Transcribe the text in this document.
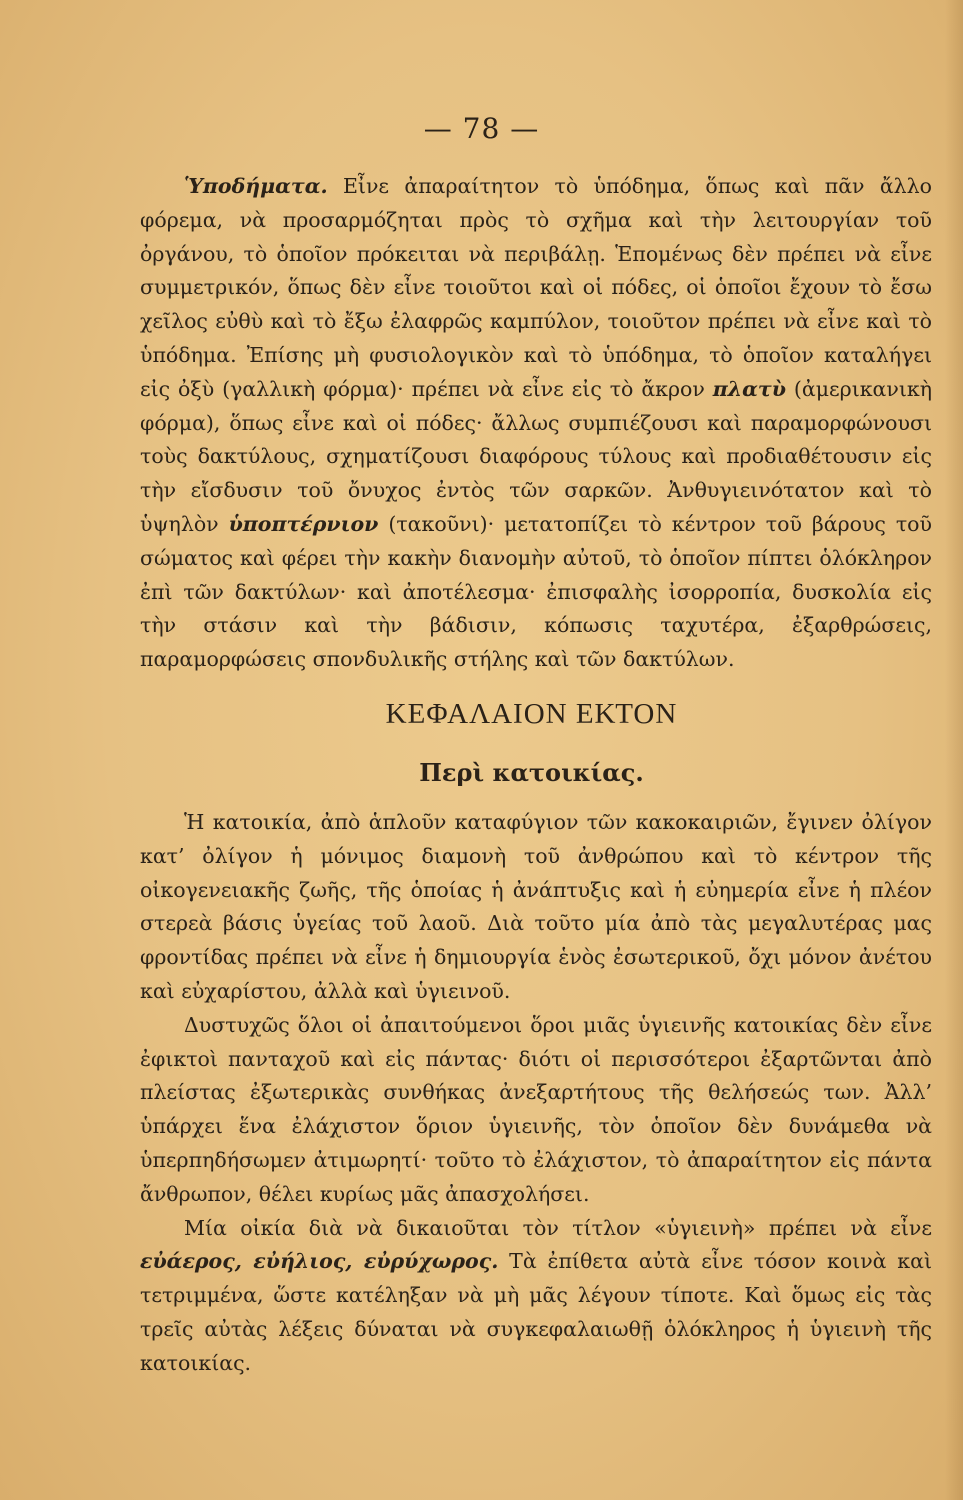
— 78 —

Ὑποδήματα. Εἶνε ἀπαραίτητον τὸ ὑπόδημα, ὅπως καὶ πᾶν ἄλλο φόρεμα, νὰ προσαρμόζηται πρὸς τὸ σχῆμα καὶ τὴν λειτουργίαν τοῦ ὀργάνου, τὸ ὁποῖον πρόκειται νὰ περιβάλῃ. Ἑπομένως δὲν πρέπει νὰ εἶνε συμμετρικόν, ὅπως δὲν εἶνε τοιοῦτοι καὶ οἱ πόδες, οἱ ὁποῖοι ἔχουν τὸ ἔσω χεῖλος εὐθὺ καὶ τὸ ἔξω ἐλαφρῶς καμπύλον, τοιοῦτον πρέπει νὰ εἶνε καὶ τὸ ὑπόδημα. Ἐπίσης μὴ φυσιολογικὸν καὶ τὸ ὑπόδημα, τὸ ὁποῖον καταλήγει εἰς ὀξὺ (γαλλικὴ φόρμα)· πρέπει νὰ εἶνε εἰς τὸ ἄκρον πλατὺ (ἀμερικανικὴ φόρμα), ὅπως εἶνε καὶ οἱ πόδες· ἄλλως συμπιέζουσι καὶ παραμορφώνουσι τοὺς δακτύλους, σχηματίζουσι διαφόρους τύλους καὶ προδιαθέτουσιν εἰς τὴν εἴσδυσιν τοῦ ὄνυχος ἐντὸς τῶν σαρκῶν. Ἀνθυγιεινότατον καὶ τὸ ὑψηλὸν ὑποπτέρνιον (τακοῦνι)· μετατοπίζει τὸ κέντρον τοῦ βάρους τοῦ σώματος καὶ φέρει τὴν κακὴν διανομὴν αὐτοῦ, τὸ ὁποῖον πίπτει ὁλόκληρον ἐπὶ τῶν δακτύλων· καὶ ἀποτέλεσμα· ἐπισφαλὴς ἰσορροπία, δυσκολία εἰς τὴν στάσιν καὶ τὴν βάδισιν, κόπωσις ταχυτέρα, ἐξαρθρώσεις, παραμορφώσεις σπονδυλικῆς στήλης καὶ τῶν δακτύλων.

ΚΕΦΑΛΑΙΟΝ ΕΚΤΟΝ
Περὶ κατοικίας.

Ἡ κατοικία, ἀπὸ ἁπλοῦν καταφύγιον τῶν κακοκαιριῶν, ἔγινεν ὀλίγον κατ’ ὀλίγον ἡ μόνιμος διαμονὴ τοῦ ἀνθρώπου καὶ τὸ κέντρον τῆς οἰκογενειακῆς ζωῆς, τῆς ὁποίας ἡ ἀνάπτυξις καὶ ἡ εὐημερία εἶνε ἡ πλέον στερεὰ βάσις ὑγείας τοῦ λαοῦ. Διὰ τοῦτο μία ἀπὸ τὰς μεγαλυτέρας μας φροντίδας πρέπει νὰ εἶνε ἡ δημιουργία ἑνὸς ἐσωτερικοῦ, ὄχι μόνον ἀνέτου καὶ εὐχαρίστου, ἀλλὰ καὶ ὑγιεινοῦ.

Δυστυχῶς ὅλοι οἱ ἀπαιτούμενοι ὅροι μιᾶς ὑγιεινῆς κατοικίας δὲν εἶνε ἐφικτοὶ πανταχοῦ καὶ εἰς πάντας· διότι οἱ περισσότεροι ἐξαρτῶνται ἀπὸ πλείστας ἐξωτερικὰς συνθήκας ἀνεξαρτήτους τῆς θελήσεώς των. Ἀλλ’ ὑπάρχει ἕνα ἐλάχιστον ὅριον ὑγιεινῆς, τὸν ὁποῖον δὲν δυνάμεθα νὰ ὑπερπηδήσωμεν ἀτιμωρητί· τοῦτο τὸ ἐλάχιστον, τὸ ἀπαραίτητον εἰς πάντα ἄνθρωπον, θέλει κυρίως μᾶς ἀπασχολήσει.

Μία οἰκία διὰ νὰ δικαιοῦται τὸν τίτλον «ὑγιεινὴ» πρέπει νὰ εἶνε εὐάερος, εὐήλιος, εὐρύχωρος. Τὰ ἐπίθετα αὐτὰ εἶνε τόσον κοινὰ καὶ τετριμμένα, ὥστε κατέληξαν νὰ μὴ μᾶς λέγουν τίποτε. Καὶ ὅμως εἰς τὰς τρεῖς αὐτὰς λέξεις δύναται νὰ συγκεφαλαιωθῇ ὁλόκληρος ἡ ὑγιεινὴ τῆς κατοικίας.
